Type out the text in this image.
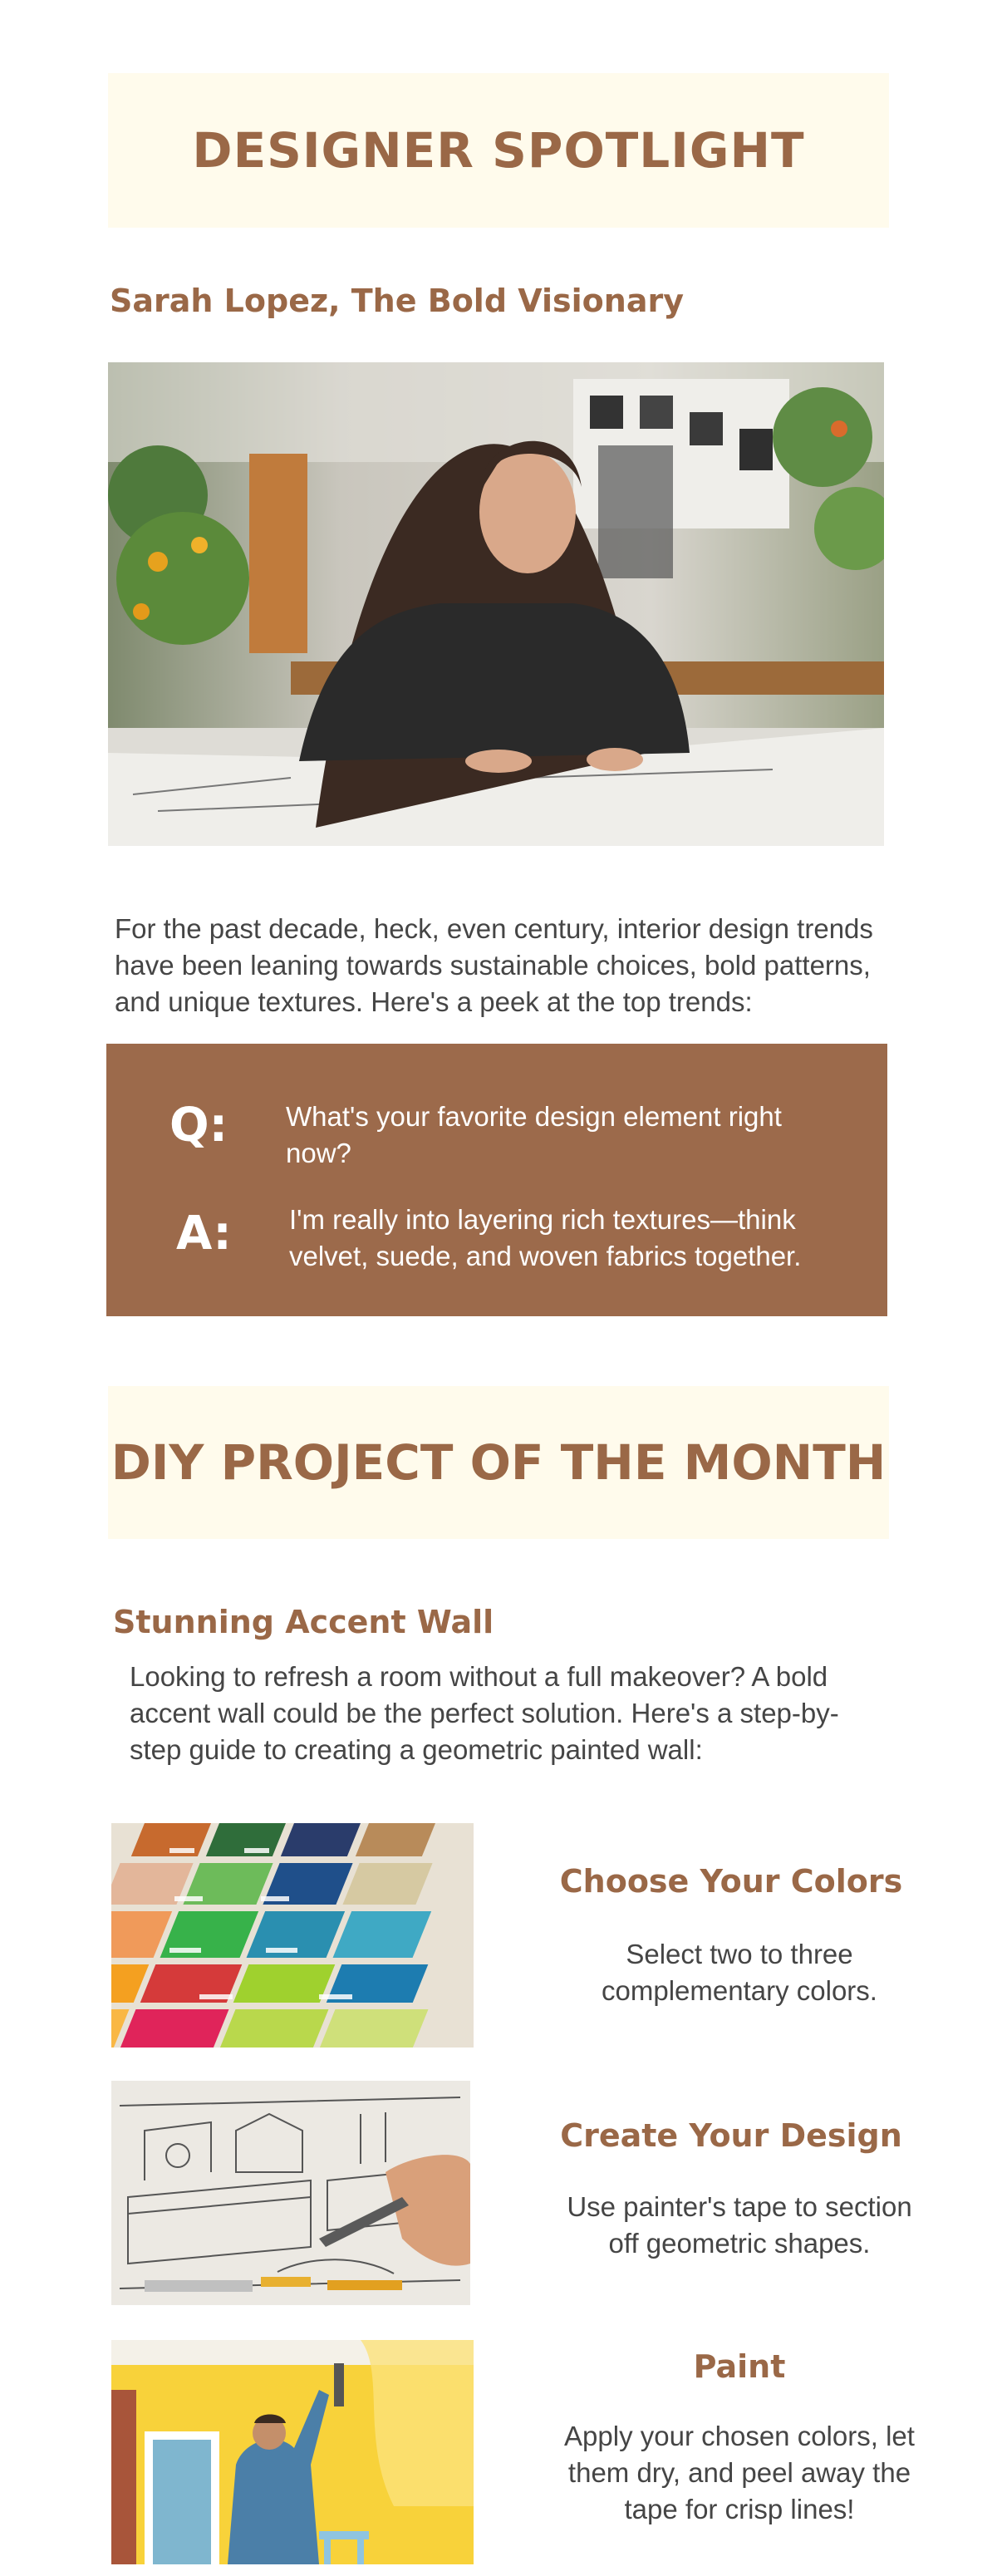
DESIGNER SPOTLIGHT
Sarah Lopez, The Bold Visionary

For the past decade, heck, even century, interior design trends have been leaning towards sustainable choices, bold patterns, and unique textures. Here's a peek at the top trends:

Q: What's your favorite design element right now?
A: I'm really into layering rich textures—think velvet, suede, and woven fabrics together.
DIY PROJECT OF THE MONTH
Stunning Accent Wall

Looking to refresh a room without a full makeover? A bold accent wall could be the perfect solution. Here's a step-by-step guide to creating a geometric painted wall:

Choose Your Colors

Select two to three complementary colors.

Create Your Design

Use painter's tape to section off geometric shapes.

Paint

Apply your chosen colors, let them dry, and peel away the tape for crisp lines!
